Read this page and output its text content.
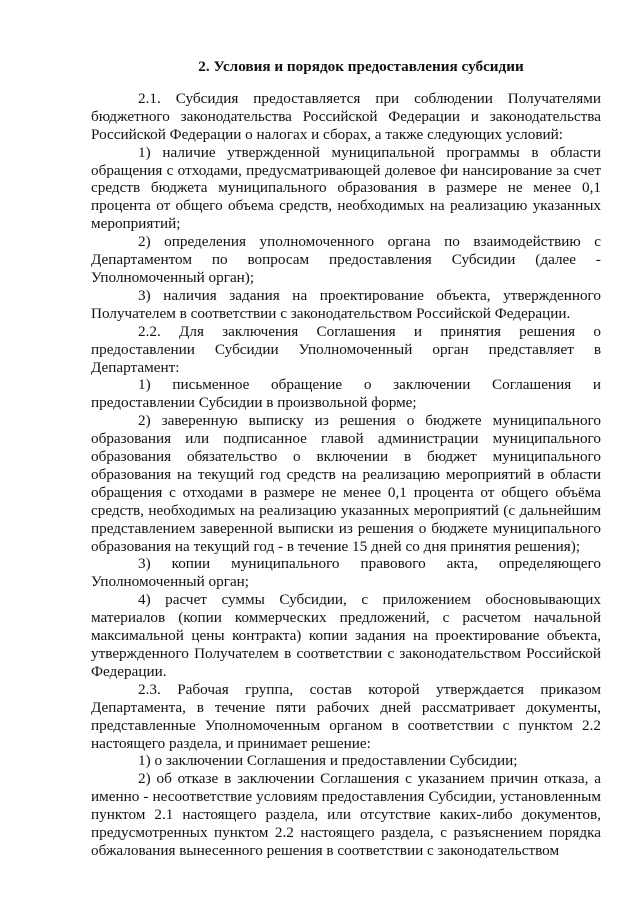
2. Условия и порядок предоставления субсидии

2.1. Субсидия предоставляется при соблюдении Получателями бюджетного законодательства Российской Федерации и законодательства Российской Федерации о налогах и сборах, а также следующих условий:

1) наличие утвержденной муниципальной программы в области обращения с отходами, предусматривающей долевое фи нансирование за счет средств бюджета муниципального образования в размере не менее 0,1 процента от общего объема средств, необходимых на реализацию указанных мероприятий;

2) определения уполномоченного органа по взаимодействию с Департаментом по вопросам предоставления Субсидии (далее - Уполномоченный орган);

3) наличия задания на проектирование объекта, утвержденного Получателем в соответствии с законодательством Российской Федерации.

2.2. Для заключения Соглашения и принятия решения о предоставлении Субсидии Уполномоченный орган представляет в Департамент:

1) письменное обращение о заключении Соглашения и предоставлении Субсидии в произвольной форме;

2) заверенную выписку из решения о бюджете муниципального образования или подписанное главой администрации муниципального образования обязательство о включении в бюджет муниципального образования на текущий год средств на реализацию мероприятий в области обращения с отходами в размере не менее 0,1 процента от общего объёма средств, необходимых на реализацию указанных мероприятий (с дальнейшим представлением заверенной выписки из решения о бюджете муниципального образования на текущий год - в течение 15 дней со дня принятия решения);

3) копии муниципального правового акта, определяющего Уполномоченный орган;

4) расчет суммы Субсидии, с приложением обосновывающих материалов (копии коммерческих предложений, с расчетом начальной максимальной цены контракта) копии задания на проектирование объекта, утвержденного Получателем в соответствии с законодательством Российской Федерации.

2.3. Рабочая группа, состав которой утверждается приказом Департамента, в течение пяти рабочих дней рассматривает документы, представленные Уполномоченным органом в соответствии с пунктом 2.2 настоящего раздела, и принимает решение:

1) о заключении Соглашения и предоставлении Субсидии;

2) об отказе в заключении Соглашения с указанием причин отказа, а именно - несоответствие условиям предоставления Субсидии, установленным пунктом 2.1 настоящего раздела, или отсутствие каких-либо документов, предусмотренных пунктом 2.2 настоящего раздела, с разъяснением порядка обжалования вынесенного решения в соответствии с законодательством
